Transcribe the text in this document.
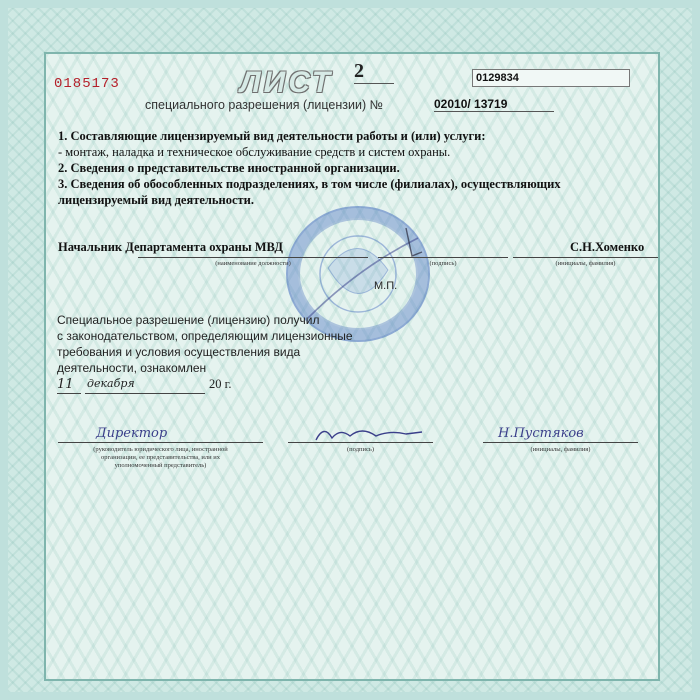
0185173	ЛИСТ 2	0129834
специального разрешения (лицензии) №	02010/ 13719
1. Составляющие лицензируемый вид деятельности работы и (или) услуги:
- монтаж, наладка и техническое обслуживание средств и систем охраны.
2. Сведения о представительстве иностранной организации.
3. Сведения об обособленных подразделениях, в том числе (филиалах), осуществляющих
лицензируемый вид деятельности.
М.П.
Начальник Департамента охраны МВД
(наименование должности)	(подпись)
С.Н.Хоменко
(инициалы, фамилия)
Специальное разрешение (лицензию) получил
с законодательством, определяющим лицензионные
требования и условия осуществления вида
деятельности, ознакомлен
11 декабря	20 г.
Директор
(руководитель юридического лица, иностранной
организации, ее представительства, или их
уполномоченный представитель)
(подпись)
Н.Пустяков
(инициалы, фамилия)
